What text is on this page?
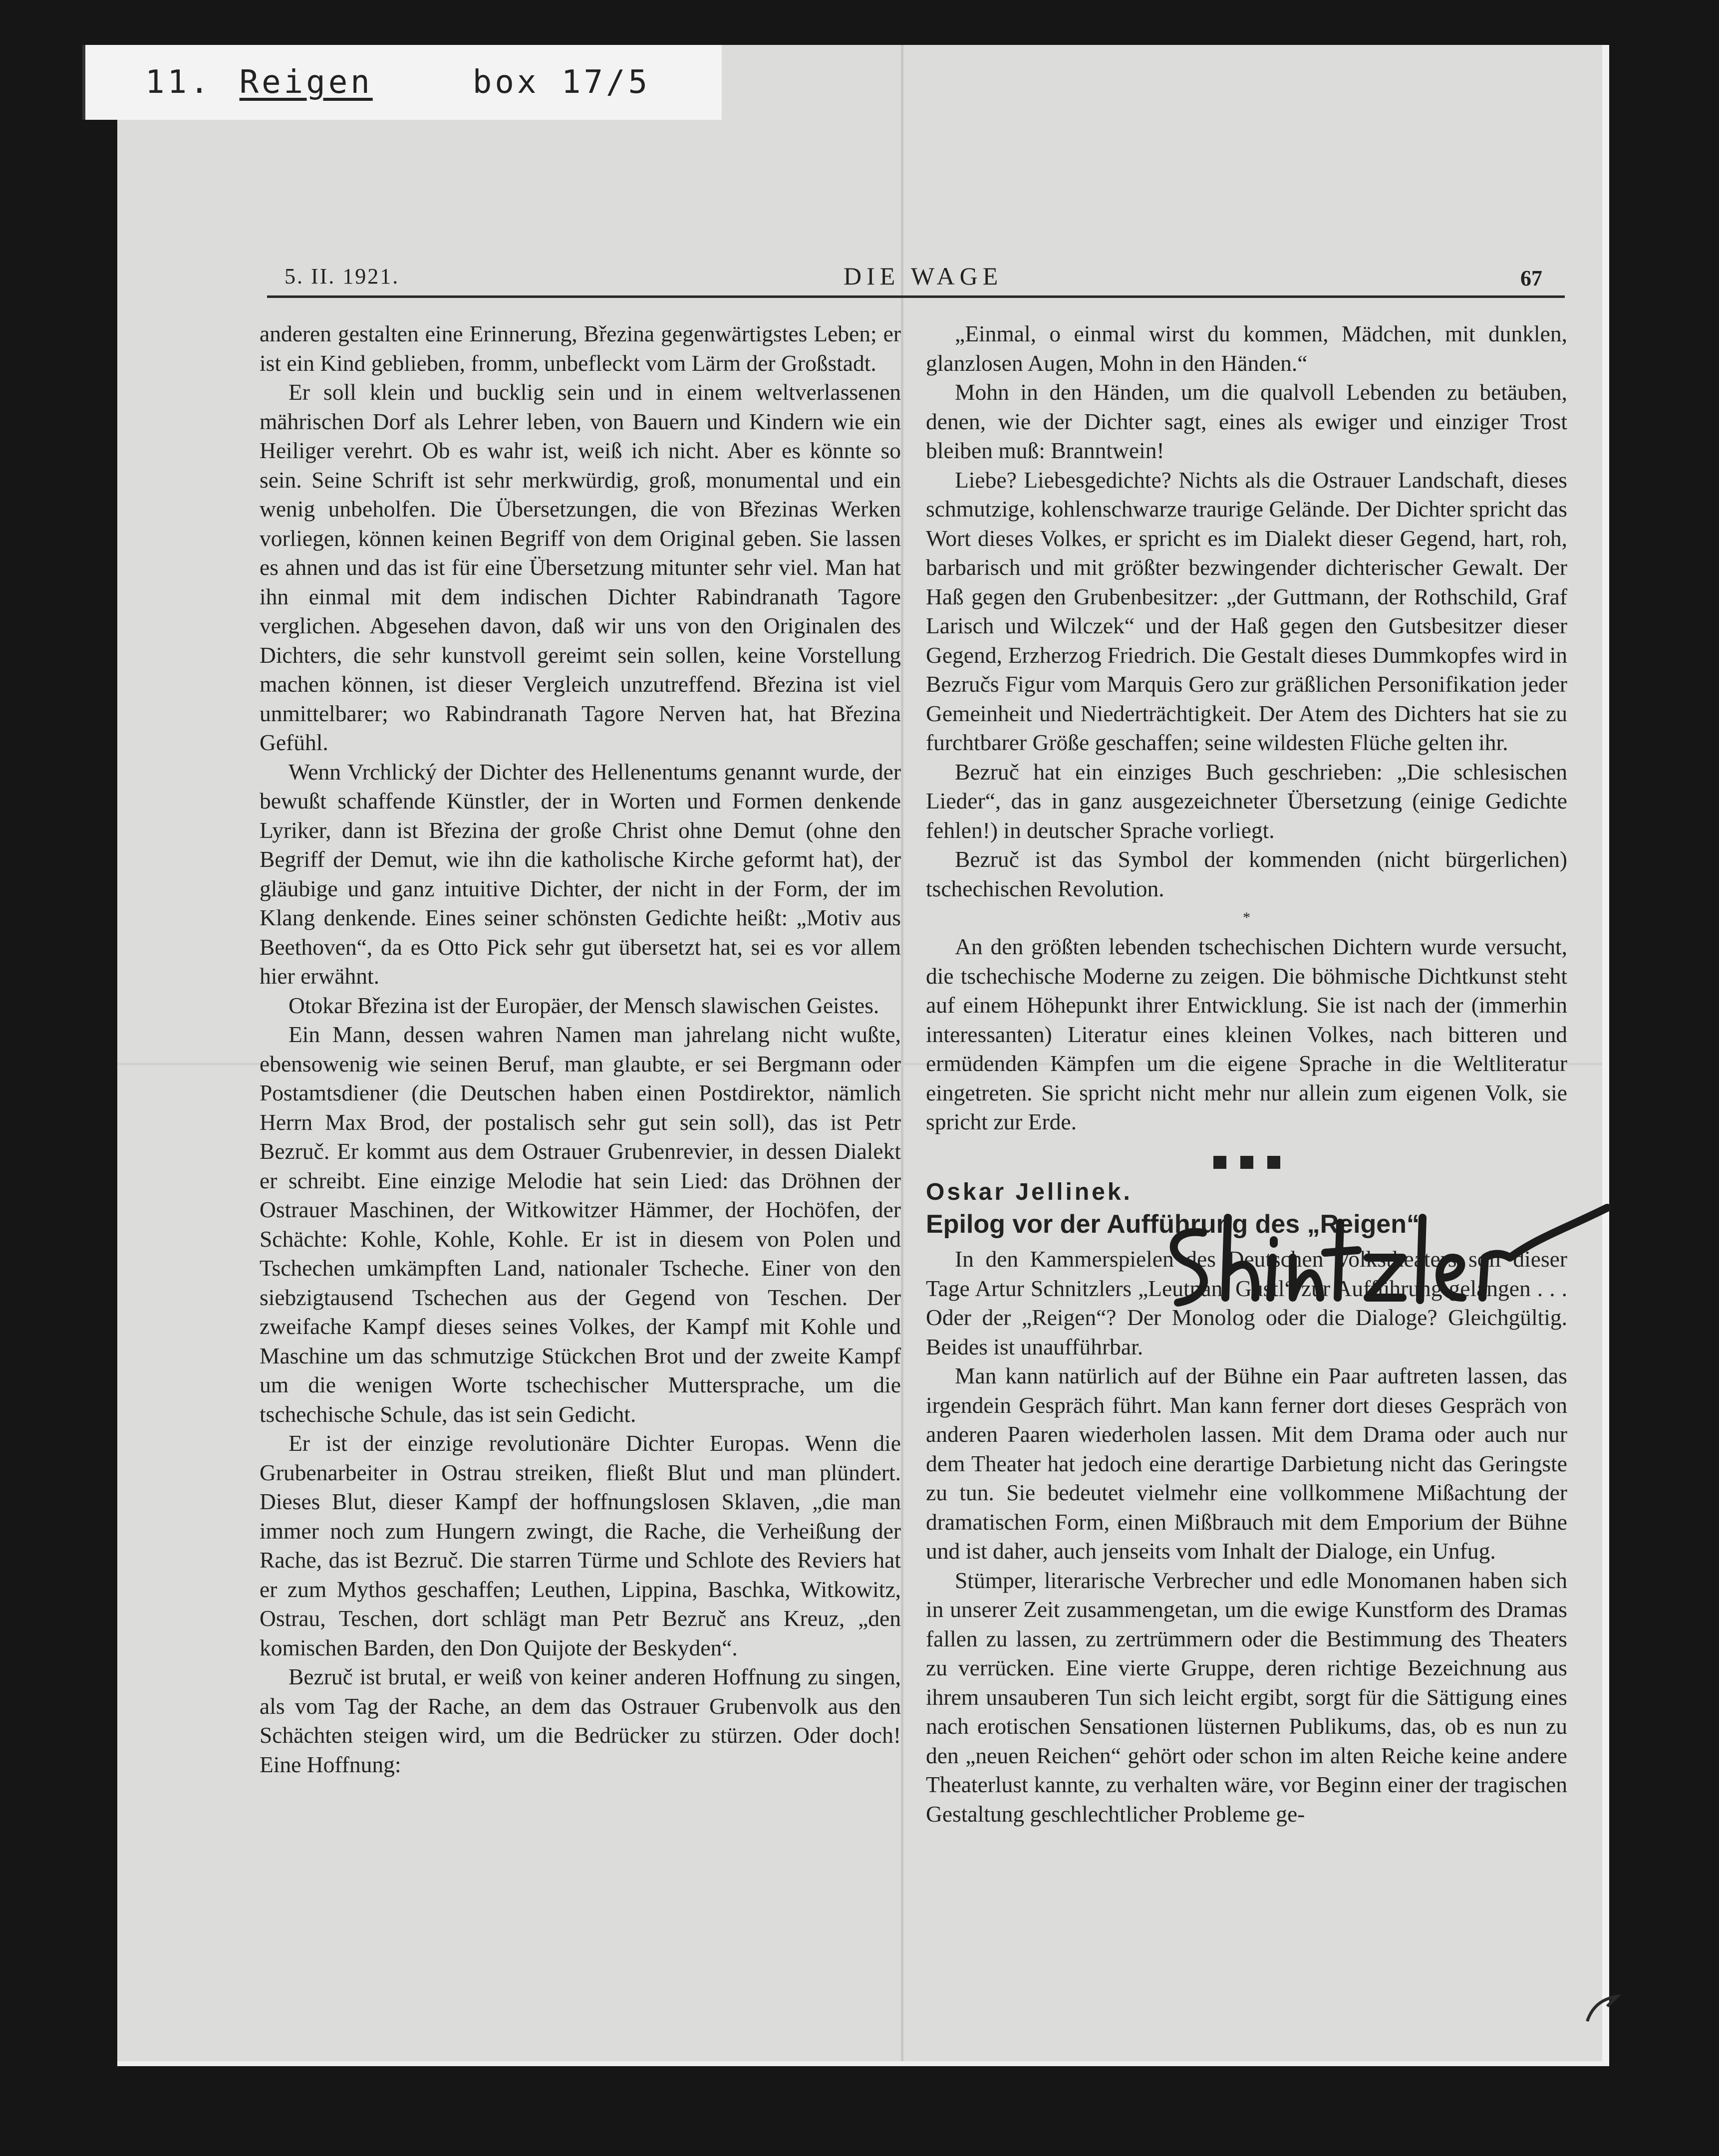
11. Reigen	box 17/5
5. II. 1921.	DIE WAGE	67

anderen gestalten eine Erinnerung, Březina gegenwärtigstes Leben; er ist ein Kind geblieben, fromm, unbefleckt vom Lärm der Großstadt.

Er soll klein und bucklig sein und in einem weltverlassenen mährischen Dorf als Lehrer leben, von Bauern und Kindern wie ein Heiliger verehrt. Ob es wahr ist, weiß ich nicht. Aber es könnte so sein. Seine Schrift ist sehr merkwürdig, groß, monumental und ein wenig unbeholfen. Die Übersetzungen, die von Březinas Werken vorliegen, können keinen Begriff von dem Original geben. Sie lassen es ahnen und das ist für eine Übersetzung mitunter sehr viel. Man hat ihn einmal mit dem indischen Dichter Rabindranath Tagore verglichen. Abgesehen davon, daß wir uns von den Originalen des Dichters, die sehr kunstvoll gereimt sein sollen, keine Vorstellung machen können, ist dieser Vergleich unzutreffend. Březina ist viel unmittelbarer; wo Rabindranath Tagore Nerven hat, hat Březina Gefühl.

Wenn Vrchlický der Dichter des Hellenentums genannt wurde, der bewußt schaffende Künstler, der in Worten und Formen denkende Lyriker, dann ist Březina der große Christ ohne Demut (ohne den Begriff der Demut, wie ihn die katholische Kirche geformt hat), der gläubige und ganz intuitive Dichter, der nicht in der Form, der im Klang denkende. Eines seiner schönsten Gedichte heißt: „Motiv aus Beethoven“, da es Otto Pick sehr gut übersetzt hat, sei es vor allem hier erwähnt.

Otokar Březina ist der Europäer, der Mensch slawischen Geistes.

Ein Mann, dessen wahren Namen man jahrelang nicht wußte, ebensowenig wie seinen Beruf, man glaubte, er sei Bergmann oder Postamtsdiener (die Deutschen haben einen Postdirektor, nämlich Herrn Max Brod, der postalisch sehr gut sein soll), das ist Petr Bezruč. Er kommt aus dem Ostrauer Grubenrevier, in dessen Dialekt er schreibt. Eine einzige Melodie hat sein Lied: das Dröhnen der Ostrauer Maschinen, der Witkowitzer Hämmer, der Hochöfen, der Schächte: Kohle, Kohle, Kohle. Er ist in diesem von Polen und Tschechen umkämpften Land, nationaler Tscheche. Einer von den siebzigtausend Tschechen aus der Gegend von Teschen. Der zweifache Kampf dieses seines Volkes, der Kampf mit Kohle und Maschine um das schmutzige Stückchen Brot und der zweite Kampf um die wenigen Worte tschechischer Muttersprache, um die tschechische Schule, das ist sein Gedicht.

Er ist der einzige revolutionäre Dichter Europas. Wenn die Grubenarbeiter in Ostrau streiken, fließt Blut und man plündert. Dieses Blut, dieser Kampf der hoffnungslosen Sklaven, „die man immer noch zum Hungern zwingt, die Rache, die Verheißung der Rache, das ist Bezruč. Die starren Türme und Schlote des Reviers hat er zum Mythos geschaffen; Leuthen, Lippina, Baschka, Witkowitz, Ostrau, Teschen, dort schlägt man Petr Bezruč ans Kreuz, „den komischen Barden, den Don Quijote der Beskyden“.

Bezruč ist brutal, er weiß von keiner anderen Hoffnung zu singen, als vom Tag der Rache, an dem das Ostrauer Grubenvolk aus den Schächten steigen wird, um die Bedrücker zu stürzen. Oder doch! Eine Hoffnung:

„Einmal, o einmal wirst du kommen, Mädchen, mit dunklen, glanzlosen Augen, Mohn in den Händen.“

Mohn in den Händen, um die qualvoll Lebenden zu betäuben, denen, wie der Dichter sagt, eines als ewiger und einziger Trost bleiben muß: Branntwein!

Liebe? Liebesgedichte? Nichts als die Ostrauer Landschaft, dieses schmutzige, kohlenschwarze traurige Gelände. Der Dichter spricht das Wort dieses Volkes, er spricht es im Dialekt dieser Gegend, hart, roh, barbarisch und mit größter bezwingender dichterischer Gewalt. Der Haß gegen den Grubenbesitzer: „der Guttmann, der Rothschild, Graf Larisch und Wilczek“ und der Haß gegen den Gutsbesitzer dieser Gegend, Erzherzog Friedrich. Die Gestalt dieses Dummkopfes wird in Bezručs Figur vom Marquis Gero zur gräßlichen Personifikation jeder Gemeinheit und Niederträchtigkeit. Der Atem des Dichters hat sie zu furchtbarer Größe geschaffen; seine wildesten Flüche gelten ihr.

Bezruč hat ein einziges Buch geschrieben: „Die schlesischen Lieder“, das in ganz ausgezeichneter Übersetzung (einige Gedichte fehlen!) in deutscher Sprache vorliegt.

Bezruč ist das Symbol der kommenden (nicht bürgerlichen) tschechischen Revolution.

*

An den größten lebenden tschechischen Dichtern wurde versucht, die tschechische Moderne zu zeigen. Die böhmische Dichtkunst steht auf einem Höhepunkt ihrer Entwicklung. Sie ist nach der (immerhin interessanten) Literatur eines kleinen Volkes, nach bitteren und ermüdenden Kämpfen um die eigene Sprache in die Weltliteratur eingetreten. Sie spricht nicht mehr nur allein zum eigenen Volk, sie spricht zur Erde.

Oskar Jellinek.

Epilog vor der Aufführung des „Reigen“.

In den Kammerspielen des Deutschen Volkstheaters soll dieser Tage Artur Schnitzlers „Leutnant Gustl“ zur Aufführung gelangen . . . Oder der „Reigen“? Der Monolog oder die Dialoge? Gleichgültig. Beides ist unaufführbar.

Man kann natürlich auf der Bühne ein Paar auftreten lassen, das irgendein Gespräch führt. Man kann ferner dort dieses Gespräch von anderen Paaren wiederholen lassen. Mit dem Drama oder auch nur dem Theater hat jedoch eine derartige Darbietung nicht das Geringste zu tun. Sie bedeutet vielmehr eine vollkommene Mißachtung der dramatischen Form, einen Mißbrauch mit dem Emporium der Bühne und ist daher, auch jenseits vom Inhalt der Dialoge, ein Unfug.

Stümper, literarische Verbrecher und edle Monomanen haben sich in unserer Zeit zusammengetan, um die ewige Kunstform des Dramas fallen zu lassen, zu zertrümmern oder die Bestimmung des Theaters zu verrücken. Eine vierte Gruppe, deren richtige Bezeichnung aus ihrem unsauberen Tun sich leicht ergibt, sorgt für die Sättigung eines nach erotischen Sensationen lüsternen Publikums, das, ob es nun zu den „neuen Reichen“ gehört oder schon im alten Reiche keine andere Theaterlust kannte, zu verhalten wäre, vor Beginn einer der tragischen Gestaltung geschlechtlicher Probleme ge-
